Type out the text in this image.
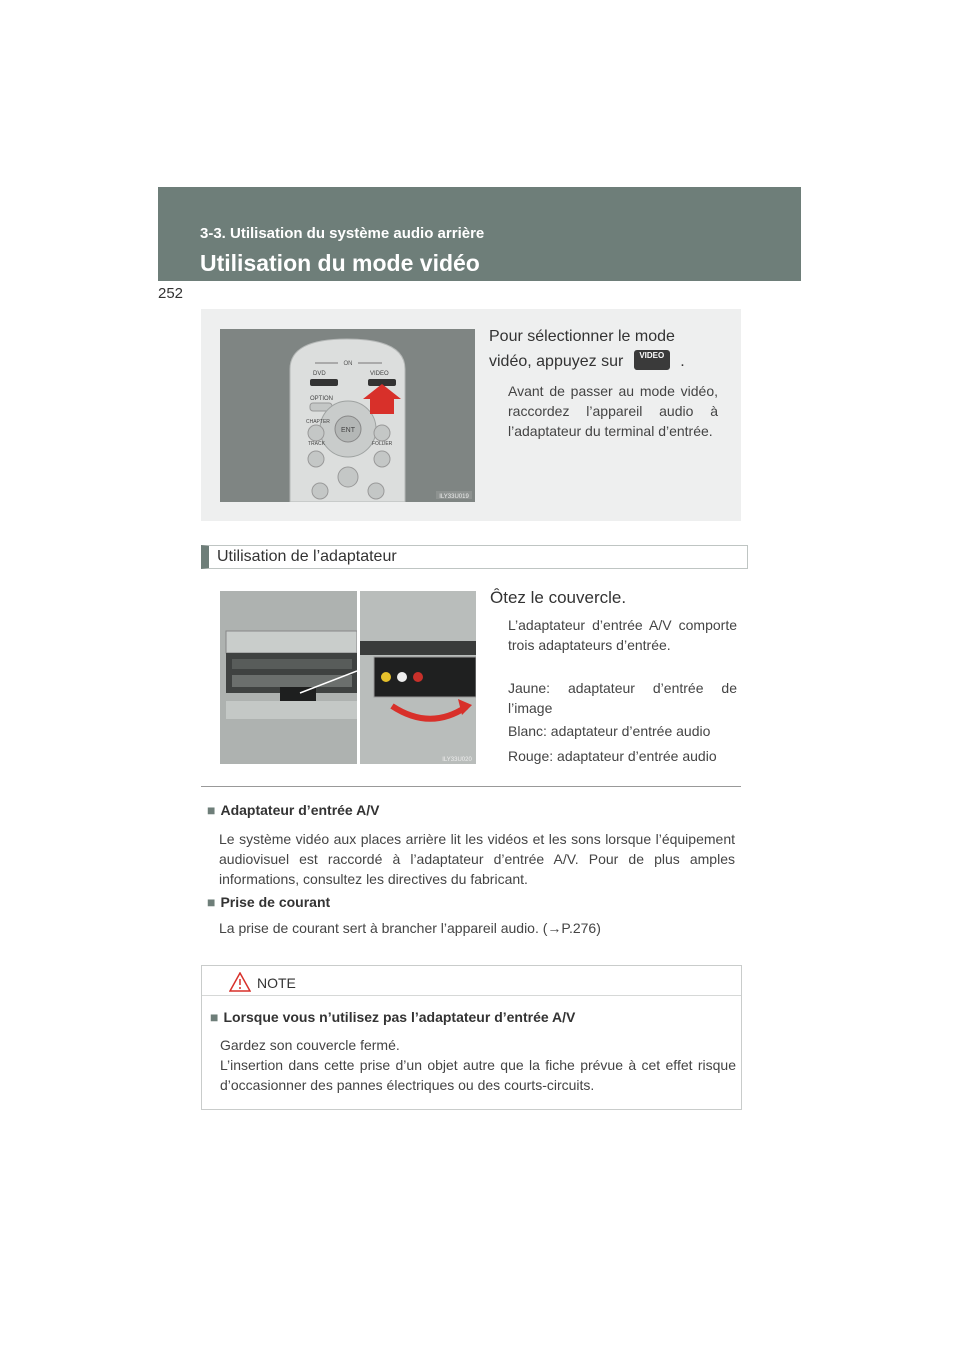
3-3. Utilisation du système audio arrière
Utilisation du mode vidéo
252
ON
DVD	VIDEO
OPTION
ENT
CHAPTER
TRACK	FOLDER
ILY33U019
Pour sélectionner le mode
vidéo, appuyez sur VIDEO .
Avant de passer au mode vidéo, raccordez l’appareil audio à l’adaptateur du terminal d’entrée.
Utilisation de l’adaptateur
ILY33U020
Ôtez le couvercle.
L’adaptateur d’entrée A/V comporte trois adaptateurs d’entrée.
Jaune: adaptateur d’entrée de l’image
Blanc: adaptateur d’entrée audio
Rouge: adaptateur d’entrée audio
■ Adaptateur d’entrée A/V
Le système vidéo aux places arrière lit les vidéos et les sons lorsque l’équipement audiovisuel est raccordé à l’adaptateur d’entrée A/V. Pour de plus amples informations, consultez les directives du fabricant.
■ Prise de courant
La prise de courant sert à brancher l’appareil audio. (→P.276)
NOTE
■ Lorsque vous n’utilisez pas l’adaptateur d’entrée A/V
Gardez son couvercle fermé.
L’insertion dans cette prise d’un objet autre que la fiche prévue à cet effet risque d’occasionner des pannes électriques ou des courts-circuits.
